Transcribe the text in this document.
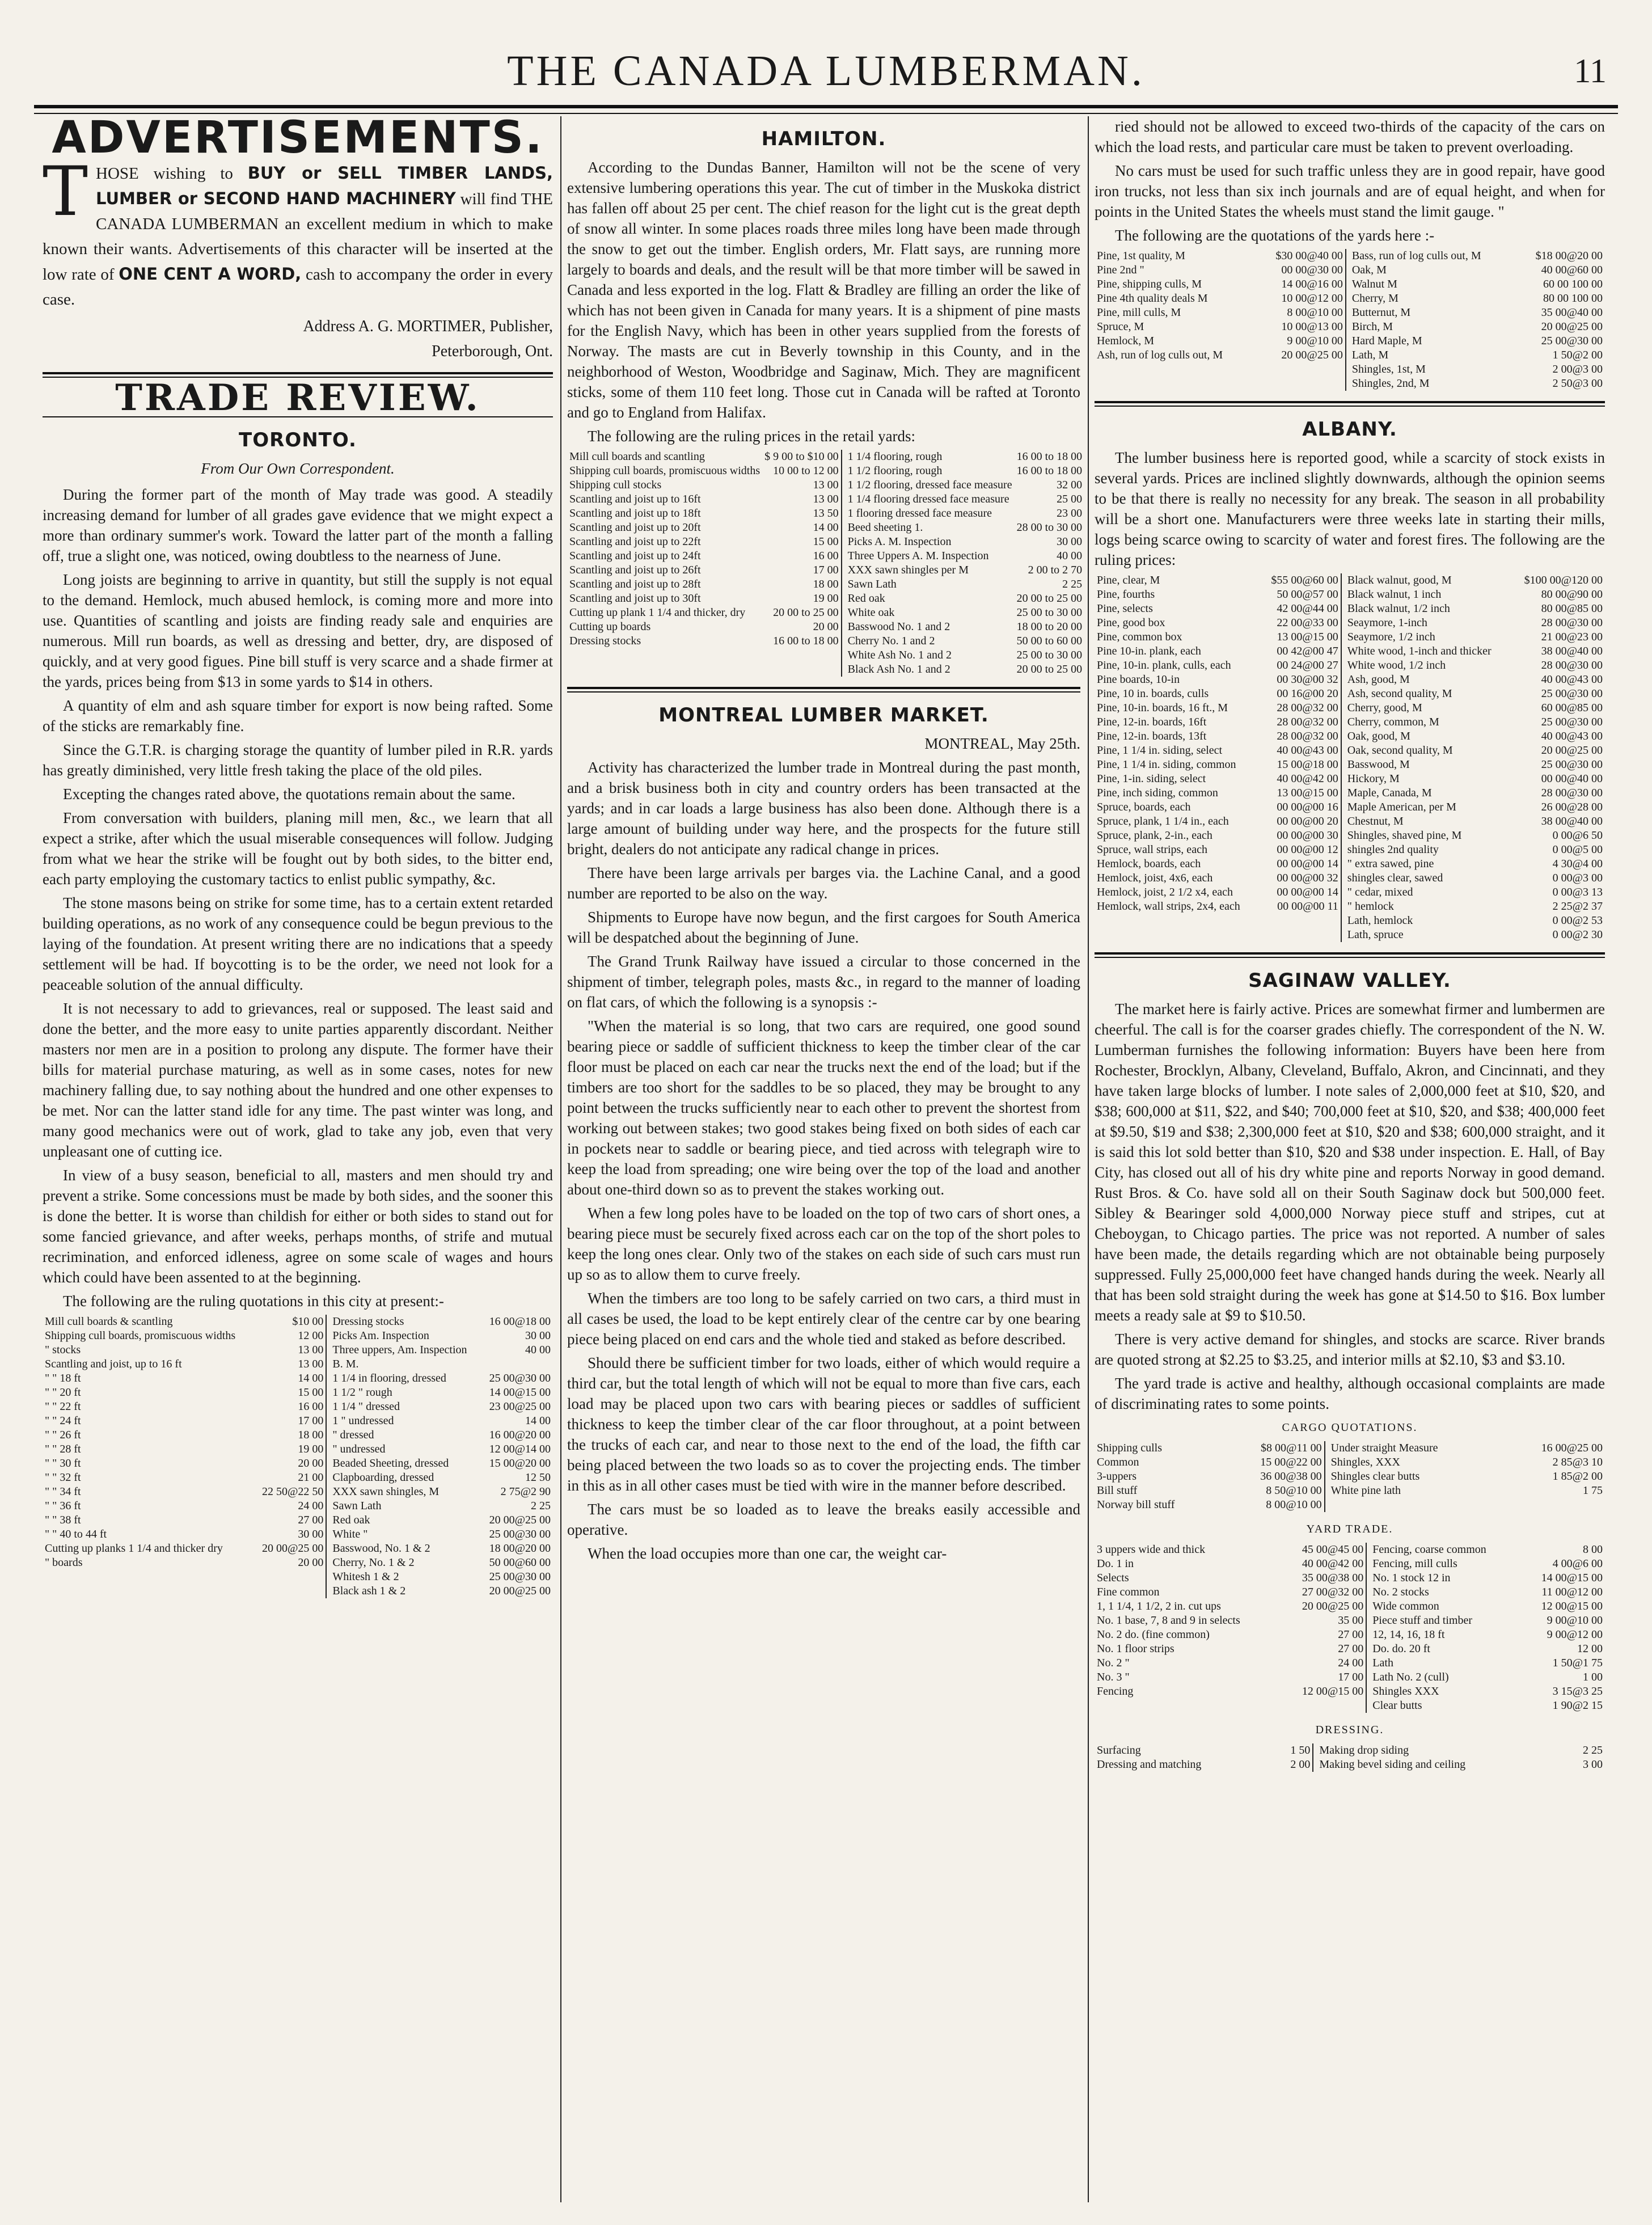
THE CANADA LUMBERMAN.	11
ADVERTISEMENTS.

THOSE wishing to BUY or SELL TIMBER LANDS, LUMBER or SECOND HAND MACHINERY will find THE CANADA LUMBERMAN an excellent medium in which to make known their wants. Advertisements of this character will be inserted at the low rate of ONE CENT A WORD, cash to accompany the order in every case.

Address A. G. MORTIMER, Publisher,

Peterborough, Ont.

TRADE REVIEW.
TORONTO.

From Our Own Correspondent.

During the former part of the month of May trade was good. A steadily increasing demand for lumber of all grades gave evidence that we might expect a more than ordinary summer's work. Toward the latter part of the month a falling off, true a slight one, was noticed, owing doubtless to the nearness of June.

Long joists are beginning to arrive in quantity, but still the supply is not equal to the demand. Hemlock, much abused hemlock, is coming more and more into use. Quantities of scantling and joists are finding ready sale and enquiries are numerous. Mill run boards, as well as dressing and better, dry, are disposed of quickly, and at very good figues. Pine bill stuff is very scarce and a shade firmer at the yards, prices being from $13 in some yards to $14 in others.

A quantity of elm and ash square timber for export is now being rafted. Some of the sticks are remarkably fine.

Since the G.T.R. is charging storage the quantity of lumber piled in R.R. yards has greatly diminished, very little fresh taking the place of the old piles.

Excepting the changes rated above, the quotations remain about the same.

From conversation with builders, planing mill men, &c., we learn that all expect a strike, after which the usual miserable consequences will follow. Judging from what we hear the strike will be fought out by both sides, to the bitter end, each party employing the customary tactics to enlist public sympathy, &c.

The stone masons being on strike for some time, has to a certain extent retarded building operations, as no work of any consequence could be begun previous to the laying of the foundation. At present writing there are no indications that a speedy settlement will be had. If boycotting is to be the order, we need not look for a peaceable solution of the annual difficulty.

It is not necessary to add to grievances, real or supposed. The least said and done the better, and the more easy to unite parties apparently discordant. Neither masters nor men are in a position to prolong any dispute. The former have their bills for material purchase maturing, as well as in some cases, notes for new machinery falling due, to say nothing about the hundred and one other expenses to be met. Nor can the latter stand idle for any time. The past winter was long, and many good mechanics were out of work, glad to take any job, even that very unpleasant one of cutting ice.

In view of a busy season, beneficial to all, masters and men should try and prevent a strike. Some concessions must be made by both sides, and the sooner this is done the better. It is worse than childish for either or both sides to stand out for some fancied grievance, and after weeks, perhaps months, of strife and mutual recrimination, and enforced idleness, agree on some scale of wages and hours which could have been assented to at the beginning.

The following are the ruling quotations in this city at present:-

Mill cull boards & scantling	$10 00	Dressing stocks	16 00@18 00
Shipping cull boards, promiscuous widths	12 00	Picks Am. Inspection	30 00
" stocks	13 00	Three uppers, Am. Inspection	40 00
Scantling and joist, up to 16 ft	13 00	B. M.	
" " 18 ft	14 00	1 1/4 in flooring, dressed	25 00@30 00
" " 20 ft	15 00	1 1/2 " rough	14 00@15 00
" " 22 ft	16 00	1 1/4 " dressed	23 00@25 00
" " 24 ft	17 00	1 " undressed	14 00
" " 26 ft	18 00	" dressed	16 00@20 00
" " 28 ft	19 00	" undressed	12 00@14 00
" " 30 ft	20 00	Beaded Sheeting, dressed	15 00@20 00
" " 32 ft	21 00	Clapboarding, dressed	12 50
" " 34 ft	22 50@22 50	XXX sawn shingles, M	2 75@2 90
" " 36 ft	24 00	Sawn Lath	2 25
" " 38 ft	27 00	Red oak	20 00@25 00
" " 40 to 44 ft	30 00	White "	25 00@30 00
Cutting up planks 1 1/4 and thicker dry	20 00@25 00	Basswood, No. 1 & 2	18 00@20 00
" boards	20 00	Cherry, No. 1 & 2	50 00@60 00
		Whitesh 1 & 2	25 00@30 00
		Black ash 1 & 2	20 00@25 00
HAMILTON.

According to the Dundas Banner, Hamilton will not be the scene of very extensive lumbering operations this year. The cut of timber in the Muskoka district has fallen off about 25 per cent. The chief reason for the light cut is the great depth of snow all winter. In some places roads three miles long have been made through the snow to get out the timber. English orders, Mr. Flatt says, are running more largely to boards and deals, and the result will be that more timber will be sawed in Canada and less exported in the log. Flatt & Bradley are filling an order the like of which has not been given in Canada for many years. It is a shipment of pine masts for the English Navy, which has been in other years supplied from the forests of Norway. The masts are cut in Beverly township in this County, and in the neighborhood of Weston, Woodbridge and Saginaw, Mich. They are magnificent sticks, some of them 110 feet long. Those cut in Canada will be rafted at Toronto and go to England from Halifax.

The following are the ruling prices in the retail yards:

Mill cull boards and scantling	$ 9 00 to $10 00	1 1/4 flooring, rough	16 00 to 18 00
Shipping cull boards, promiscuous widths	10 00 to 12 00	1 1/2 flooring, rough	16 00 to 18 00
Shipping cull stocks	13 00	1 1/2 flooring, dressed face measure	32 00
Scantling and joist up to 16ft	13 00	1 1/4 flooring dressed face measure	25 00
Scantling and joist up to 18ft	13 50	1 flooring dressed face measure	23 00
Scantling and joist up to 20ft	14 00	Beed sheeting 1.	28 00 to 30 00
Scantling and joist up to 22ft	15 00	Picks A. M. Inspection	30 00
Scantling and joist up to 24ft	16 00	Three Uppers A. M. Inspection	40 00
Scantling and joist up to 26ft	17 00	XXX sawn shingles per M	2 00 to 2 70
Scantling and joist up to 28ft	18 00	Sawn Lath	2 25
Scantling and joist up to 30ft	19 00	Red oak	20 00 to 25 00
Cutting up plank 1 1/4 and thicker, dry	20 00 to 25 00	White oak	25 00 to 30 00
Cutting up boards	20 00	Basswood No. 1 and 2	18 00 to 20 00
Dressing stocks	16 00 to 18 00	Cherry No. 1 and 2	50 00 to 60 00
		White Ash No. 1 and 2	25 00 to 30 00
		Black Ash No. 1 and 2	20 00 to 25 00
MONTREAL LUMBER MARKET.

MONTREAL, May 25th.

Activity has characterized the lumber trade in Montreal during the past month, and a brisk business both in city and country orders has been transacted at the yards; and in car loads a large business has also been done. Although there is a large amount of building under way here, and the prospects for the future still bright, dealers do not anticipate any radical change in prices.

There have been large arrivals per barges via. the Lachine Canal, and a good number are reported to be also on the way.

Shipments to Europe have now begun, and the first cargoes for South America will be despatched about the beginning of June.

The Grand Trunk Railway have issued a circular to those concerned in the shipment of timber, telegraph poles, masts &c., in regard to the manner of loading on flat cars, of which the following is a synopsis :-

"When the material is so long, that two cars are required, one good sound bearing piece or saddle of sufficient thickness to keep the timber clear of the car floor must be placed on each car near the trucks next the end of the load; but if the timbers are too short for the saddles to be so placed, they may be brought to any point between the trucks sufficiently near to each other to prevent the shortest from working out between stakes; two good stakes being fixed on both sides of each car in pockets near to saddle or bearing piece, and tied across with telegraph wire to keep the load from spreading; one wire being over the top of the load and another about one-third down so as to prevent the stakes working out.

When a few long poles have to be loaded on the top of two cars of short ones, a bearing piece must be securely fixed across each car on the top of the short poles to keep the long ones clear. Only two of the stakes on each side of such cars must run up so as to allow them to curve freely.

When the timbers are too long to be safely carried on two cars, a third must in all cases be used, the load to be kept entirely clear of the centre car by one bearing piece being placed on end cars and the whole tied and staked as before described.

Should there be sufficient timber for two loads, either of which would require a third car, but the total length of which will not be equal to more than five cars, each load may be placed upon two cars with bearing pieces or saddles of sufficient thickness to keep the timber clear of the car floor throughout, at a point between the trucks of each car, and near to those next to the end of the load, the fifth car being placed between the two loads so as to cover the projecting ends. The timber in this as in all other cases must be tied with wire in the manner before described.

The cars must be so loaded as to leave the breaks easily accessible and operative.

When the load occupies more than one car, the weight car-

ried should not be allowed to exceed two-thirds of the capacity of the cars on which the load rests, and particular care must be taken to prevent overloading.

No cars must be used for such traffic unless they are in good repair, have good iron trucks, not less than six inch journals and are of equal height, and when for points in the United States the wheels must stand the limit gauge. "

The following are the quotations of the yards here :-

Pine, 1st quality, M	$30 00@40 00	Bass, run of log culls out, M	$18 00@20 00
Pine 2nd "	00 00@30 00	Oak, M	40 00@60 00
Pine, shipping culls, M	14 00@16 00	Walnut M	60 00 100 00
Pine 4th quality deals M	10 00@12 00	Cherry, M	80 00 100 00
Pine, mill culls, M	8 00@10 00	Butternut, M	35 00@40 00
Spruce, M	10 00@13 00	Birch, M	20 00@25 00
Hemlock, M	9 00@10 00	Hard Maple, M	25 00@30 00
Ash, run of log culls out, M	20 00@25 00	Lath, M	1 50@2 00
		Shingles, 1st, M	2 00@3 00
		Shingles, 2nd, M	2 50@3 00
ALBANY.

The lumber business here is reported good, while a scarcity of stock exists in several yards. Prices are inclined slightly downwards, although the opinion seems to be that there is really no necessity for any break. The season in all probability will be a short one. Manufacturers were three weeks late in starting their mills, logs being scarce owing to scarcity of water and forest fires. The following are the ruling prices:

Pine, clear, M	$55 00@60 00	Black walnut, good, M	$100 00@120 00
Pine, fourths	50 00@57 00	Black walnut, 1 inch	80 00@90 00
Pine, selects	42 00@44 00	Black walnut, 1/2 inch	80 00@85 00
Pine, good box	22 00@33 00	Seaymore, 1-inch	28 00@30 00
Pine, common box	13 00@15 00	Seaymore, 1/2 inch	21 00@23 00
Pine 10-in. plank, each	00 42@00 47	White wood, 1-inch and thicker	38 00@40 00
Pine, 10-in. plank, culls, each	00 24@00 27	White wood, 1/2 inch	28 00@30 00
Pine boards, 10-in	00 30@00 32	Ash, good, M	40 00@43 00
Pine, 10 in. boards, culls	00 16@00 20	Ash, second quality, M	25 00@30 00
Pine, 10-in. boards, 16 ft., M	28 00@32 00	Cherry, good, M	60 00@85 00
Pine, 12-in. boards, 16ft	28 00@32 00	Cherry, common, M	25 00@30 00
Pine, 12-in. boards, 13ft	28 00@32 00	Oak, good, M	40 00@43 00
Pine, 1 1/4 in. siding, select	40 00@43 00	Oak, second quality, M	20 00@25 00
Pine, 1 1/4 in. siding, common	15 00@18 00	Basswood, M	25 00@30 00
Pine, 1-in. siding, select	40 00@42 00	Hickory, M	00 00@40 00
Pine, inch siding, common	13 00@15 00	Maple, Canada, M	28 00@30 00
Spruce, boards, each	00 00@00 16	Maple American, per M	26 00@28 00
Spruce, plank, 1 1/4 in., each	00 00@00 20	Chestnut, M	38 00@40 00
Spruce, plank, 2-in., each	00 00@00 30	Shingles, shaved pine, M	0 00@6 50
Spruce, wall strips, each	00 00@00 12	shingles 2nd quality	0 00@5 00
Hemlock, boards, each	00 00@00 14	" extra sawed, pine	4 30@4 00
Hemlock, joist, 4x6, each	00 00@00 32	shingles clear, sawed	0 00@3 00
Hemlock, joist, 2 1/2 x4, each	00 00@00 14	" cedar, mixed	0 00@3 13
Hemlock, wall strips, 2x4, each	00 00@00 11	" hemlock	2 25@2 37
		Lath, hemlock	0 00@2 53
		Lath, spruce	0 00@2 30
SAGINAW VALLEY.

The market here is fairly active. Prices are somewhat firmer and lumbermen are cheerful. The call is for the coarser grades chiefly. The correspondent of the N. W. Lumberman furnishes the following information: Buyers have been here from Rochester, Brocklyn, Albany, Cleveland, Buffalo, Akron, and Cincinnati, and they have taken large blocks of lumber. I note sales of 2,000,000 feet at $10, $20, and $38; 600,000 at $11, $22, and $40; 700,000 feet at $10, $20, and $38; 400,000 feet at $9.50, $19 and $38; 2,300,000 feet at $10, $20 and $38; 600,000 straight, and it is said this lot sold better than $10, $20 and $38 under inspection. E. Hall, of Bay City, has closed out all of his dry white pine and reports Norway in good demand. Rust Bros. & Co. have sold all on their South Saginaw dock but 500,000 feet. Sibley & Bearinger sold 4,000,000 Norway piece stuff and stripes, cut at Cheboygan, to Chicago parties. The price was not reported. A number of sales have been made, the details regarding which are not obtainable being purposely suppressed. Fully 25,000,000 feet have changed hands during the week. Nearly all that has been sold straight during the week has gone at $14.50 to $16. Box lumber meets a ready sale at $9 to $10.50.

There is very active demand for shingles, and stocks are scarce. River brands are quoted strong at $2.25 to $3.25, and interior mills at $2.10, $3 and $3.10.

The yard trade is active and healthy, although occasional complaints are made of discriminating rates to some points.

CARGO QUOTATIONS.

Shipping culls	$8 00@11 00	Under straight Measure	16 00@25 00
Common	15 00@22 00	Shingles, XXX	2 85@3 10
3-uppers	36 00@38 00	Shingles clear butts	1 85@2 00
Bill stuff	8 50@10 00	White pine lath	1 75
Norway bill stuff	8 00@10 00		

YARD TRADE.

3 uppers wide and thick	45 00@45 00	Fencing, coarse common	8 00
Do. 1 in	40 00@42 00	Fencing, mill culls	4 00@6 00
Selects	35 00@38 00	No. 1 stock 12 in	14 00@15 00
Fine common	27 00@32 00	No. 2 stocks	11 00@12 00
1, 1 1/4, 1 1/2, 2 in. cut ups	20 00@25 00	Wide common	12 00@15 00
No. 1 base, 7, 8 and 9 in selects	35 00	Piece stuff and timber	9 00@10 00
No. 2 do. (fine common)	27 00	12, 14, 16, 18 ft	9 00@12 00
No. 1 floor strips	27 00	Do. do. 20 ft	12 00
No. 2 "	24 00	Lath	1 50@1 75
No. 3 "	17 00	Lath No. 2 (cull)	1 00
Fencing	12 00@15 00	Shingles XXX	3 15@3 25
		Clear butts	1 90@2 15

DRESSING.

Surfacing	1 50	Making drop siding	2 25
Dressing and matching	2 00	Making bevel siding and ceiling	3 00
